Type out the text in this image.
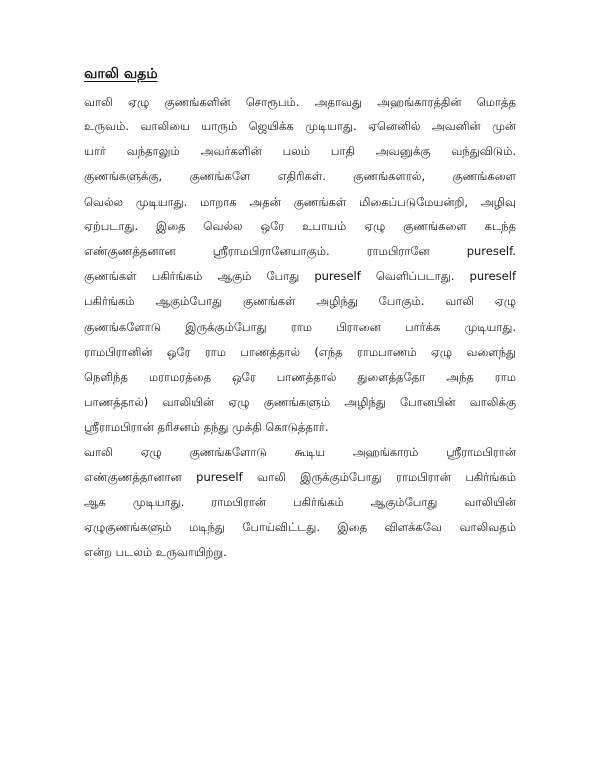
வாலி வதம்
வாலி ஏழு குணங்களின் சொரூபம். அதாவது அஹங்காரத்தின் மொத்த
உருவம். வாலியை யாரும் ஜெயிக்க முடியாது. ஏனெனில் அவனின் முன்
யார் வந்தாலும் அவர்களின் பலம் பாதி அவனுக்கு வந்துவிடும்.
குணங்களுக்கு, குணங்களே எதிரிகள். குணங்களால், குணங்களை
வெல்ல முடியாது. மாறாக அதன் குணங்கள் மிகைப்படுமேயன்றி, அழிவு
ஏற்படாது. இதை வெல்ல ஒரே உபாயம் ஏழு குணங்களை கடந்த
எண்குணத்தனான ஸ்ரீராமபிரானேயாகும். ராமபிரானே pureself.
குணங்கள் பகிர்ங்கம் ஆகும் போது pureself வெளிப்படாது. pureself
பகிர்ங்கம் ஆகும்போது குணங்கள் அழிந்து போகும். வாலி ஏழு
குணங்களோடு இருக்கும்போது ராம பிரானை பார்க்க முடியாது.
ராமபிரானின் ஒரே ராம பாணத்தால் (எந்த ராமபாணம் ஏழு வளைந்து
நெளிந்த மராமரத்தை ஒரே பாணத்தால் துளைத்ததோ அந்த ராம
பாணத்தால்) வாலியின் ஏழு குணங்களும் அழிந்து போனபின் வாலிக்கு
ஸ்ரீராமபிரான் தரிசனம் தந்து முக்தி கொடுத்தார்.
வாலி ஏழு குணங்களோடு கூடிய அஹங்காரம் ஸ்ரீராமபிரான்
எண்குணத்தானான pureself வாலி இருக்கும்போது ராமபிரான் பகிர்ங்கம்
ஆக முடியாது. ராமபிரான் பகிர்ங்கம் ஆகும்போது வாலியின்
ஏழுகுணங்களும் மடிந்து போய்விட்டது. இதை விளக்கவே வாலிவதம்
என்ற படலம் உருவாயிற்று.
